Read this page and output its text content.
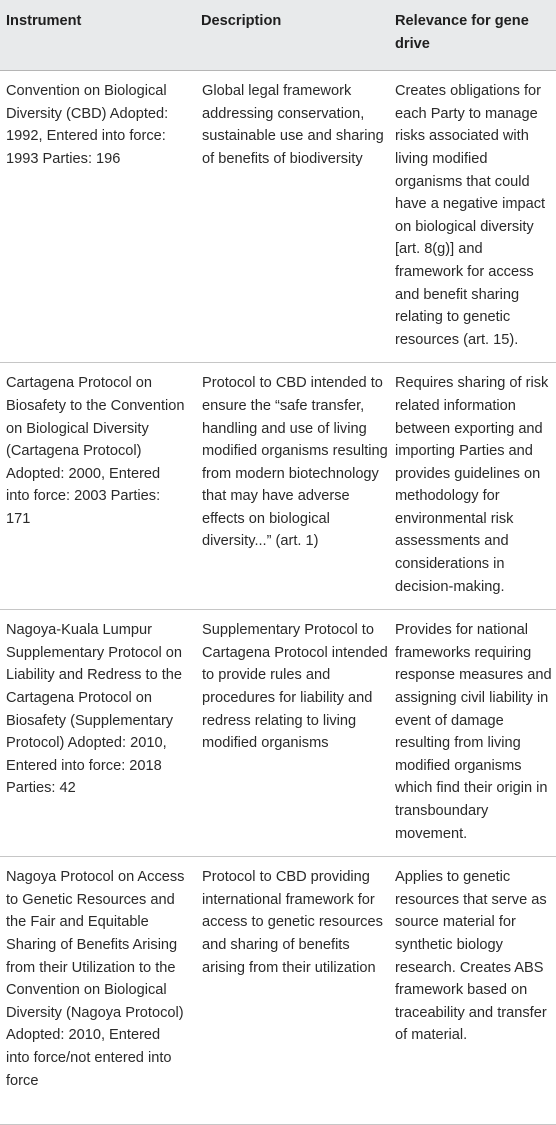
Instrument	Description	Relevance for gene drive
Convention on Biological Diversity (CBD) Adopted: 1992, Entered into force: 1993 Parties: 196	Global legal framework addressing conservation, sustainable use and sharing of benefits of biodiversity	Creates obligations for each Party to manage risks associated with living modified organisms that could have a negative impact on biological diversity [art. 8(g)] and framework for access and benefit sharing relating to genetic resources (art. 15).
Cartagena Protocol on Biosafety to the Convention on Biological Diversity (Cartagena Protocol) Adopted: 2000, Entered into force: 2003 Parties: 171	Protocol to CBD intended to ensure the “safe transfer, handling and use of living modified organisms resulting from modern biotechnology that may have adverse effects on biological diversity...” (art. 1)	Requires sharing of risk related information between exporting and importing Parties and provides guidelines on methodology for environmental risk assessments and considerations in decision-making.
Nagoya-Kuala Lumpur Supplementary Protocol on Liability and Redress to the Cartagena Protocol on Biosafety (Supplementary Protocol) Adopted: 2010, Entered into force: 2018 Parties: 42	Supplementary Protocol to Cartagena Protocol intended to provide rules and procedures for liability and redress relating to living modified organisms	Provides for national frameworks requiring response measures and assigning civil liability in event of damage resulting from living modified organisms which find their origin in transboundary movement.
Nagoya Protocol on Access to Genetic Resources and the Fair and Equitable Sharing of Benefits Arising from their Utilization to the Convention on Biological Diversity (Nagoya Protocol) Adopted: 2010, Entered into force/not entered into force	Protocol to CBD providing international framework for access to genetic resources and sharing of benefits arising from their utilization	Applies to genetic resources that serve as source material for synthetic biology research. Creates ABS framework based on traceability and transfer of material.
